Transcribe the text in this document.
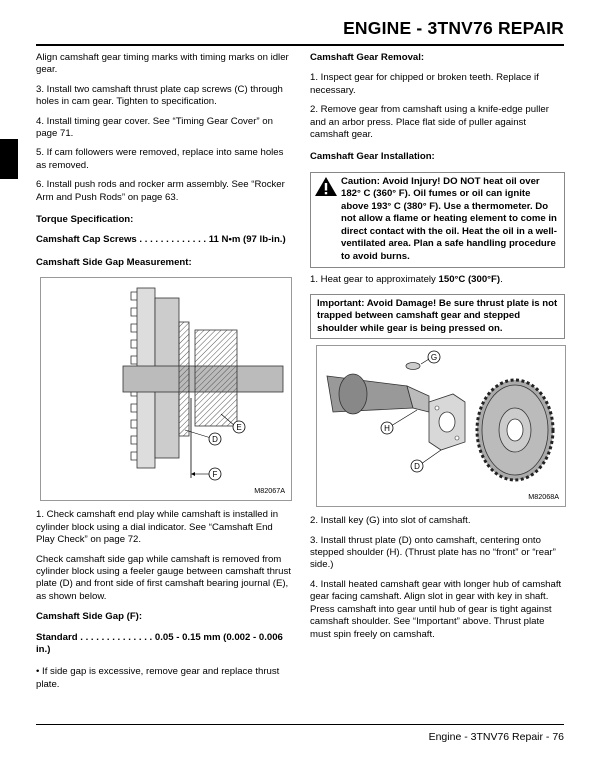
ENGINE - 3TNV76 REPAIR

Align camshaft gear timing marks with timing marks on idler gear.

3. Install two camshaft thrust plate cap screws (C) through holes in cam gear. Tighten to specification.

4. Install timing gear cover. See “Timing Gear Cover” on page 71.

5. If cam followers were removed, replace into same holes as removed.

6. Install push rods and rocker arm assembly. See “Rocker Arm and Push Rods” on page 63.

Torque Specification:

Camshaft Cap Screws . . . . . . . . . . . . . 11 N•m (97 lb-in.)

Camshaft Side Gap Measurement:

E
D
F
M82067A

1. Check camshaft end play while camshaft is installed in cylinder block using a dial indicator. See “Camshaft End Play Check” on page 72.

Check camshaft side gap while camshaft is removed from cylinder block using a feeler gauge between camshaft thrust plate (D) and front side of first camshaft bearing journal (E), as shown below.

Camshaft Side Gap (F):

Standard . . . . . . . . . . . . . . 0.05 - 0.15 mm (0.002 - 0.006 in.)

• If side gap is excessive, remove gear and replace thrust plate.

Camshaft Gear Removal:

1. Inspect gear for chipped or broken teeth. Replace if necessary.

2. Remove gear from camshaft using a knife-edge puller and an arbor press. Place flat side of puller against camshaft gear.

Camshaft Gear Installation:

Caution: Avoid Injury! DO NOT heat oil over 182° C (360° F). Oil fumes or oil can ignite above 193° C (380° F). Use a thermometer. Do not allow a flame or heating element to come in direct contact with the oil. Heat the oil in a well-ventilated area. Plan a safe handling procedure to avoid burns.

1. Heat gear to approximately 150°C (300°F).

Important: Avoid Damage! Be sure thrust plate is not trapped between camshaft gear and stepped shoulder while gear is being pressed on.
G
H
D
M82068A

2. Install key (G) into slot of camshaft.

3. Install thrust plate (D) onto camshaft, centering onto stepped shoulder (H). (Thrust plate has no “front” or “rear” side.)

4. Install heated camshaft gear with longer hub of camshaft gear facing camshaft. Align slot in gear with key in shaft. Press camshaft into gear until hub of gear is tight against camshaft shoulder. See “Important” above. Thrust plate must spin freely on camshaft.

Engine - 3TNV76 Repair - 76
